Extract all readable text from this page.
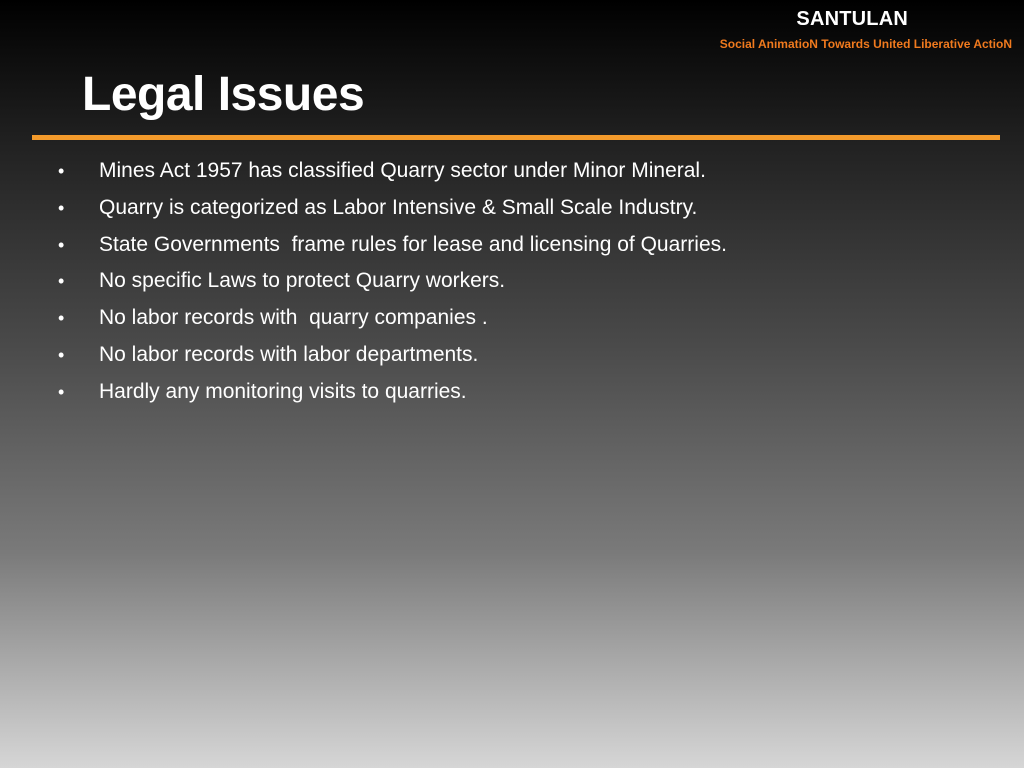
SANTULAN
Social AnimatioN Towards United Liberative ActioN
Legal Issues

•

	Mines Act 1957 has classified Quarry sector under Minor Mineral.

•

	Quarry is categorized as Labor Intensive & Small Scale Industry.

•

	State Governments  frame rules for lease and licensing of Quarries.

•

	No specific Laws to protect Quarry workers.

•

	No labor records with  quarry companies .

•

	No labor records with labor departments.

•

	Hardly any monitoring visits to quarries.
